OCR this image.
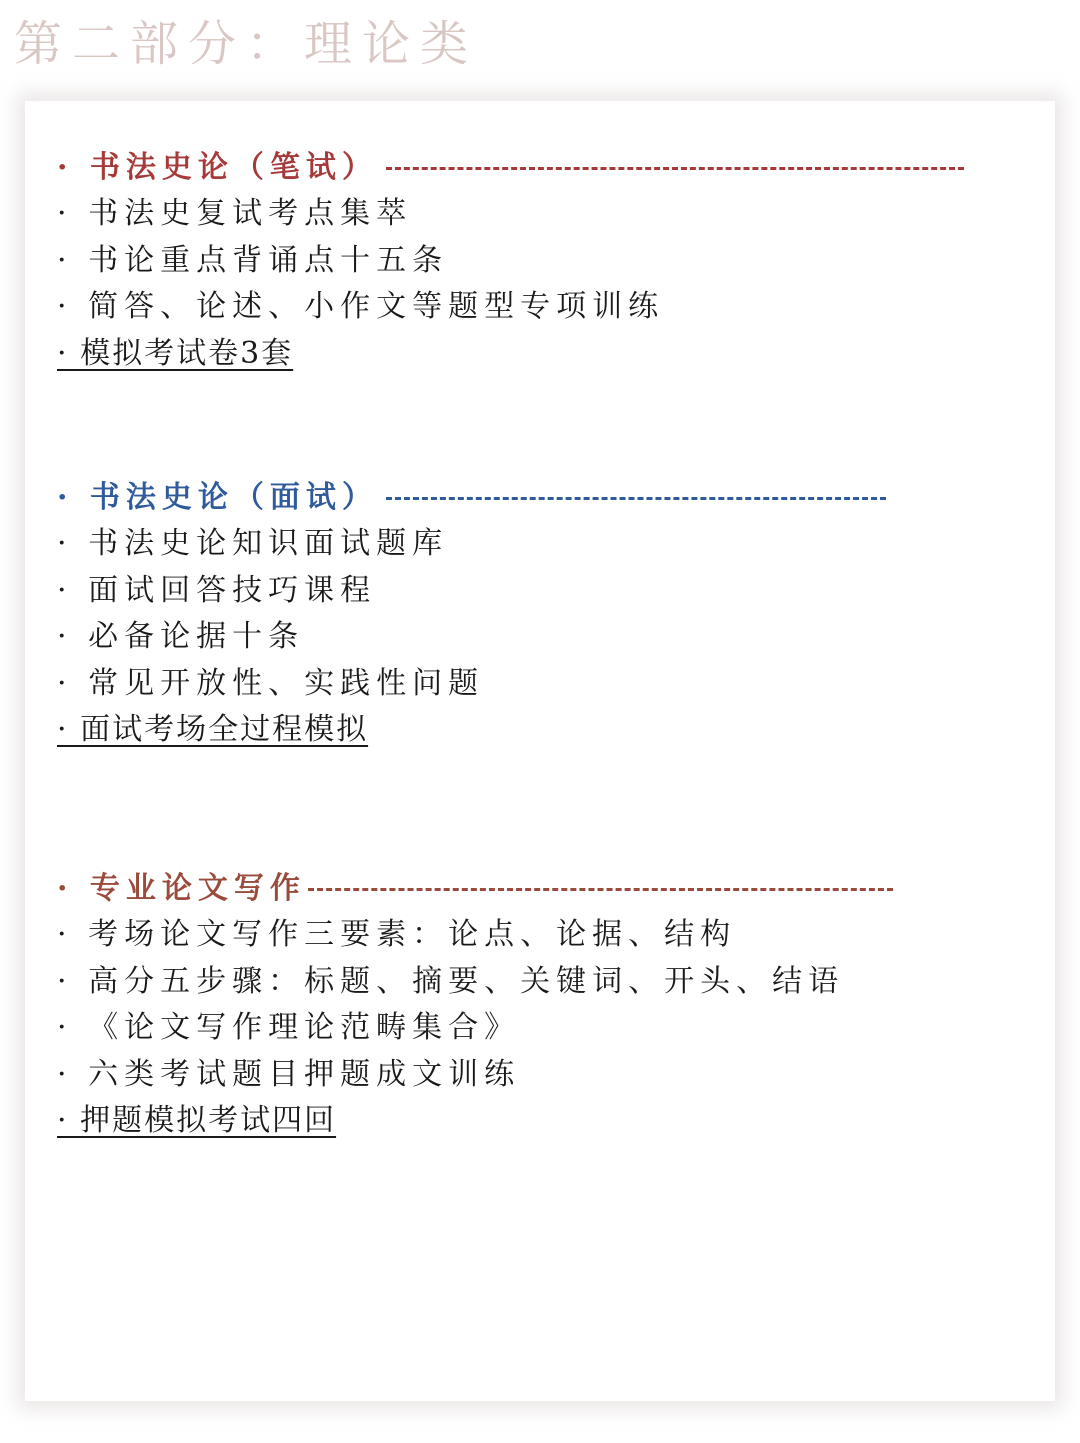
第二部分：理论类
· 书法史论（笔试）
· 书法史复试考点集萃
· 书论重点背诵点十五条
· 简答、论述、小作文等题型专项训练
· 模拟考试卷3套
· 书法史论（面试）
· 书法史论知识面试题库
· 面试回答技巧课程
· 必备论据十条
· 常见开放性、实践性问题
· 面试考场全过程模拟
· 专业论文写作
· 考场论文写作三要素：论点、论据、结构
· 高分五步骤：标题、摘要、关键词、开头、结语
· 《论文写作理论范畴集合》
· 六类考试题目押题成文训练
· 押题模拟考试四回
